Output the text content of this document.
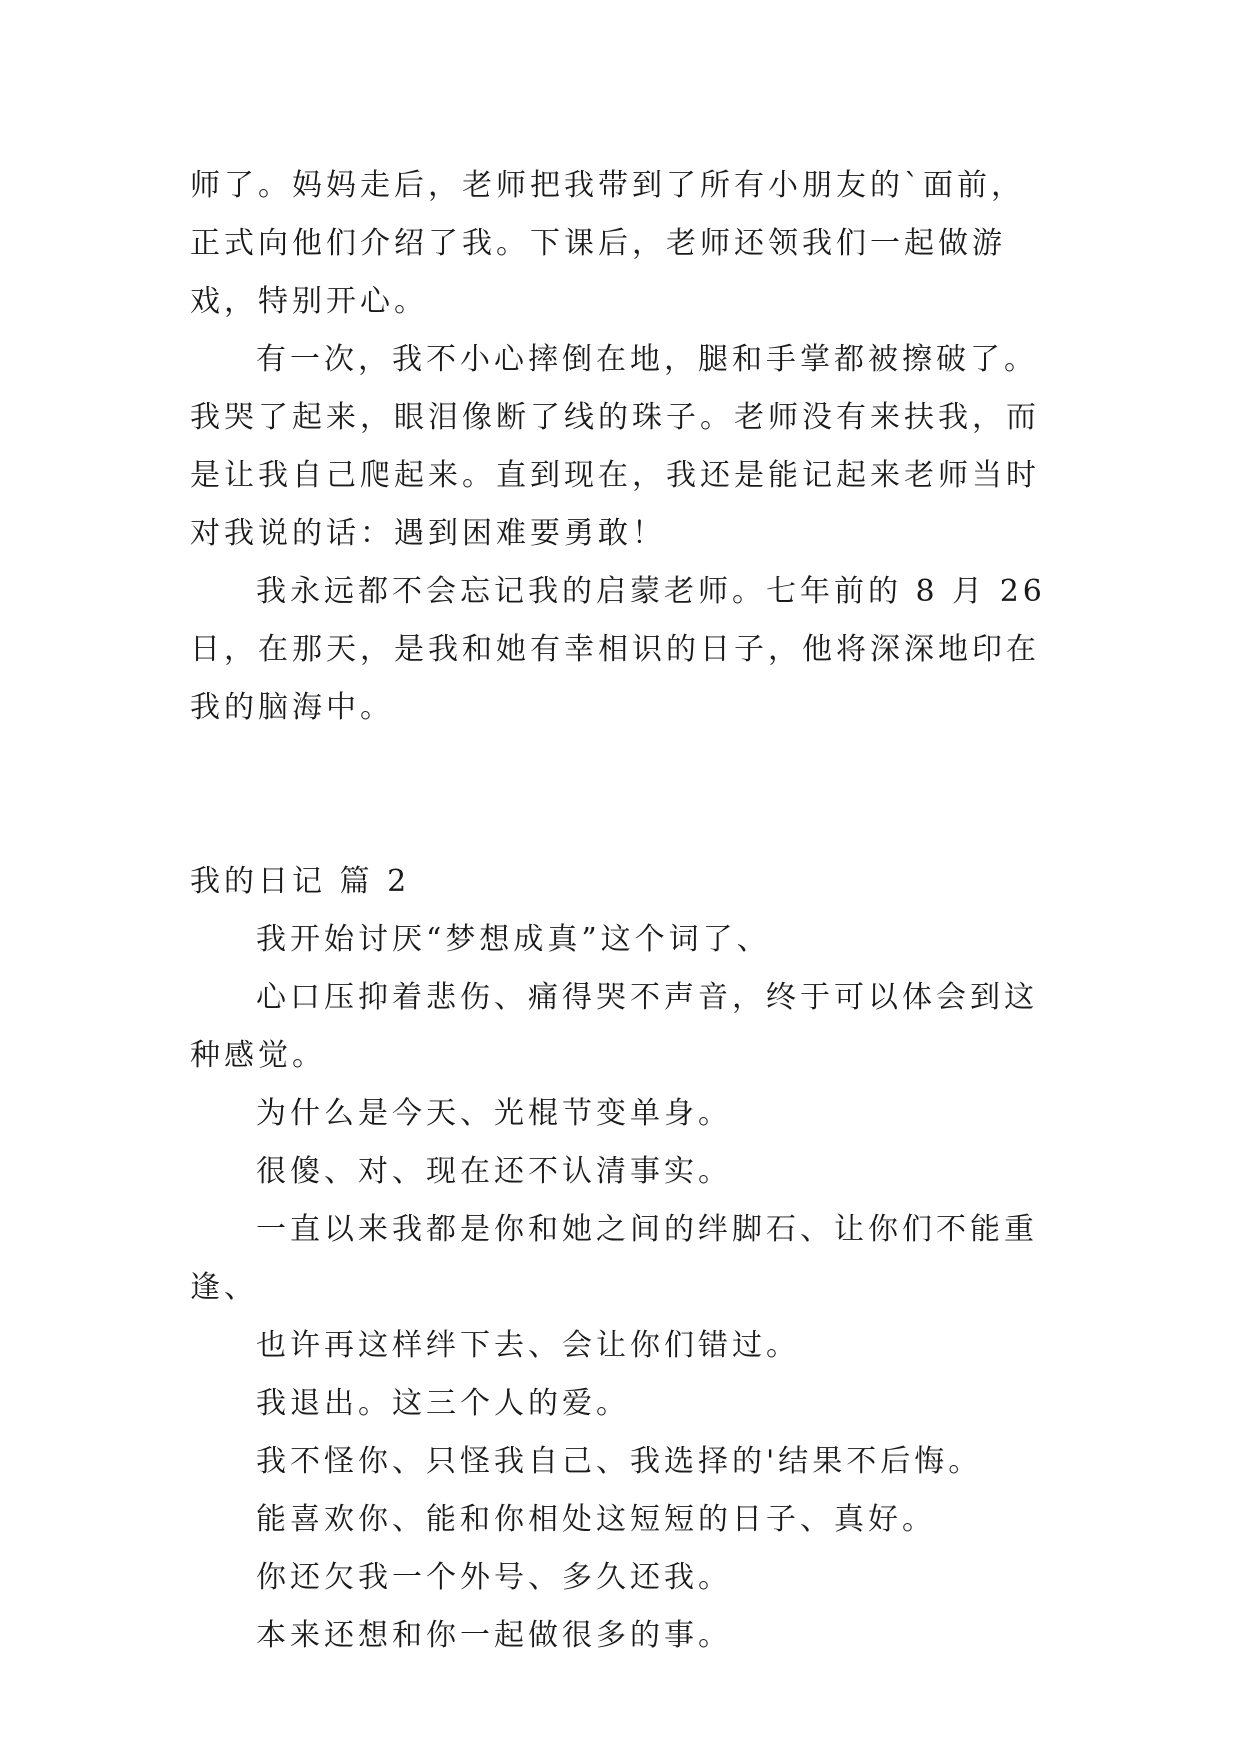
师了。妈妈走后，老师把我带到了所有小朋友的`面前，正式向他们介绍了我。下课后，老师还领我们一起做游戏，特别开心。

有一次，我不小心摔倒在地，腿和手掌都被擦破了。我哭了起来，眼泪像断了线的珠子。老师没有来扶我，而是让我自己爬起来。直到现在，我还是能记起来老师当时对我说的话：遇到困难要勇敢！

我永远都不会忘记我的启蒙老师。七年前的 8 月 26 日，在那天，是我和她有幸相识的日子，他将深深地印在我的脑海中。

我的日记 篇 2

我开始讨厌“梦想成真”这个词了、

心口压抑着悲伤、痛得哭不声音，终于可以体会到这种感觉。

为什么是今天、光棍节变单身。

很傻、对、现在还不认清事实。

一直以来我都是你和她之间的绊脚石、让你们不能重逢、

也许再这样绊下去、会让你们错过。

我退出。这三个人的爱。

我不怪你、只怪我自己、我选择的'结果不后悔。

能喜欢你、能和你相处这短短的日子、真好。

你还欠我一个外号、多久还我。

本来还想和你一起做很多的事。
